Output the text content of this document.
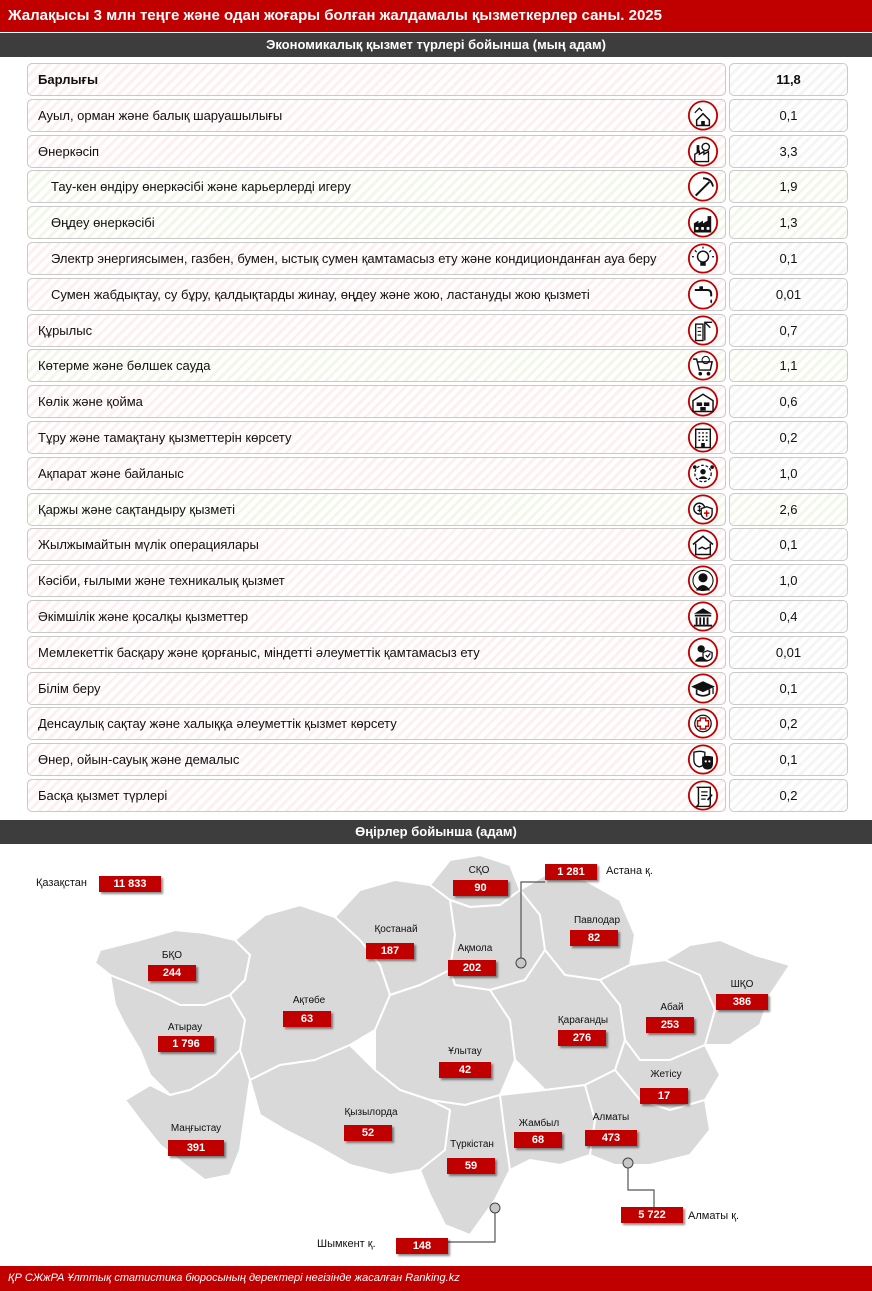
Жалақысы 3 млн теңге және одан жоғары болған жалдамалы қызметкерлер саны. 2025
Экономикалық қызмет түрлері бойынша (мың адам)
Барлығы	11,8
Ауыл, орман және балық шаруашылығы	0,1
Өнеркәсіп	3,3
Тау-кен өндіру өнеркәсібі және карьерлерді игеру	1,9
Өңдеу өнеркәсібі	1,3
Электр энергиясымен, газбен, бумен, ыстық сумен қамтамасыз ету және кондиционданған ауа беру	0,1
Сумен жабдықтау, су бұру, қалдықтарды жинау, өңдеу және жою, ластануды жою қызметі	0,01
Құрылыс	0,7
Көтерме және бөлшек сауда	1,1
Көлік және қойма	0,6
Тұру және тамақтану қызметтерін көрсету	0,2
Ақпарат және байланыс	1,0
Қаржы және сақтандыру қызметі	2,6
Жылжымайтын мүлік операциялары	0,1
Кәсіби, ғылыми және техникалық қызмет	1,0
Әкімшілік және қосалқы қызметтер	0,4
Мемлекеттік басқару және қорғаныс, міндетті әлеуметтік қамтамасыз ету	0,01
Білім беру	0,1
Денсаулық сақтау және халыққа әлеуметтік қызмет көрсету	0,2
Өнер, ойын-сауық және демалыс	0,1
Басқа қызмет түрлері	0,2
Өңірлер бойынша (адам)
СҚО
90
Қостанай
187	Ақмола
202
Павлодар
82
БҚО
244
Ақтөбе
63
Атырау
1 796
Қарағанды
276
Абай
253
ШҚО
386
Ұлытау
42	Жетісу
17
Маңғыстау
391
Қызылорда
52
Түркістан
59
Жамбыл
68
Алматы
473
Қазақстан	11 833
1 281	Астана қ.
5 722	Алматы қ.
148
Шымкент қ.
ҚР СЖжРА Ұлттық статистика бюросының деректері негізінде жасалған Ranking.kz
